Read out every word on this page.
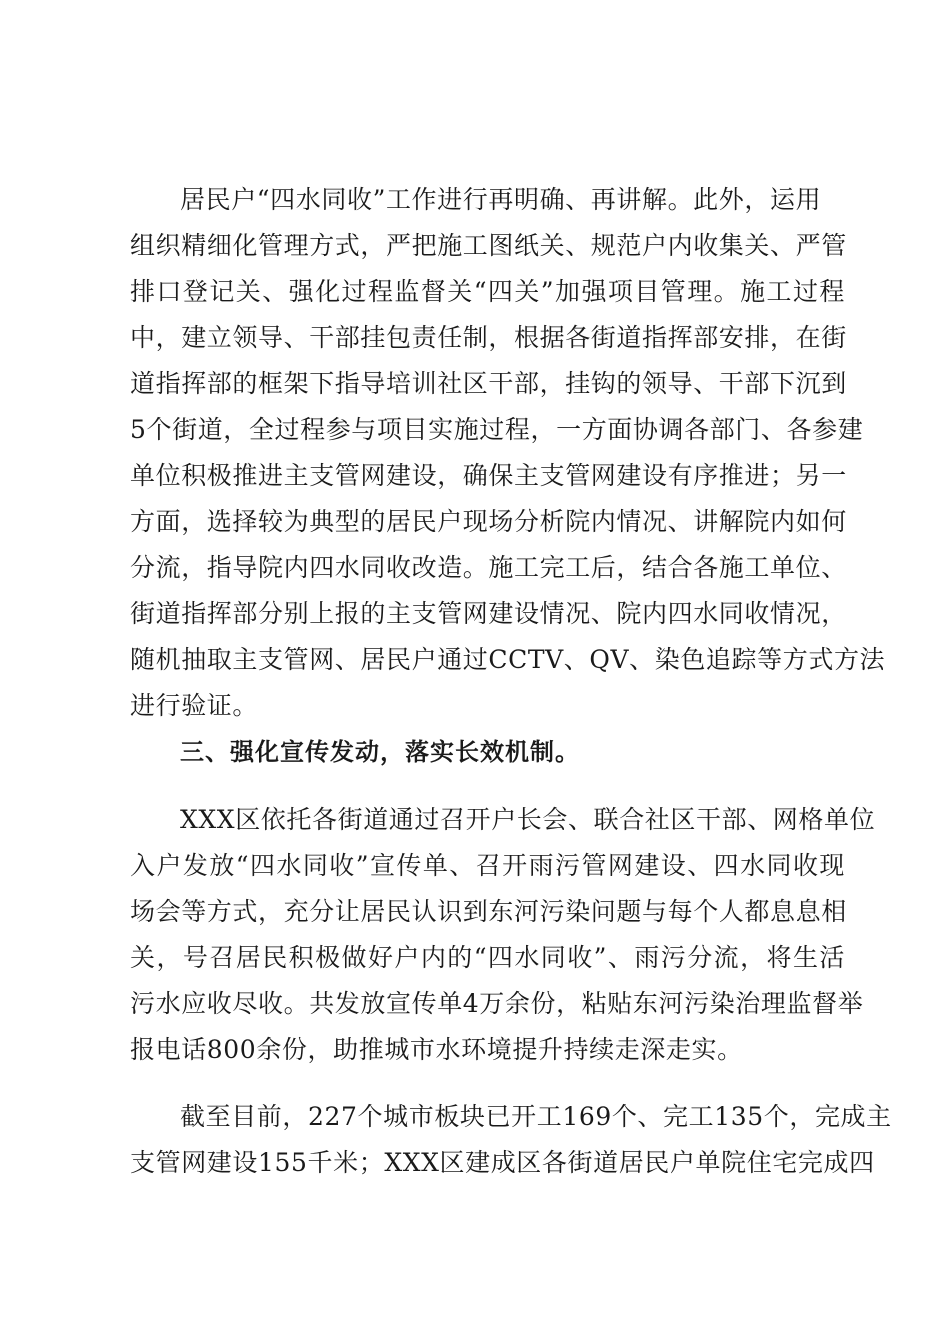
居民户“四水同收”工作进行再明确、再讲解。此外，运用
组织精细化管理方式，严把施工图纸关、规范户内收集关、严管
排口登记关、强化过程监督关“四关”加强项目管理。施工过程
中，建立领导、干部挂包责任制，根据各街道指挥部安排，在街
道指挥部的框架下指导培训社区干部，挂钩的领导、干部下沉到
5个街道，全过程参与项目实施过程，一方面协调各部门、各参建
单位积极推进主支管网建设，确保主支管网建设有序推进；另一
方面，选择较为典型的居民户现场分析院内情况、讲解院内如何
分流，指导院内四水同收改造。施工完工后，结合各施工单位、
街道指挥部分别上报的主支管网建设情况、院内四水同收情况，
随机抽取主支管网、居民户通过CCTV、QV、染色追踪等方式方法
进行验证。
三、强化宣传发动，落实长效机制。
XXX区依托各街道通过召开户长会、联合社区干部、网格单位
入户发放“四水同收”宣传单、召开雨污管网建设、四水同收现
场会等方式，充分让居民认识到东河污染问题与每个人都息息相
关，号召居民积极做好户内的“四水同收”、雨污分流，将生活
污水应收尽收。共发放宣传单4万余份，粘贴东河污染治理监督举
报电话800余份，助推城市水环境提升持续走深走实。
截至目前，227个城市板块已开工169个、完工135个，完成主
支管网建设155千米；XXX区建成区各街道居民户单院住宅完成四
